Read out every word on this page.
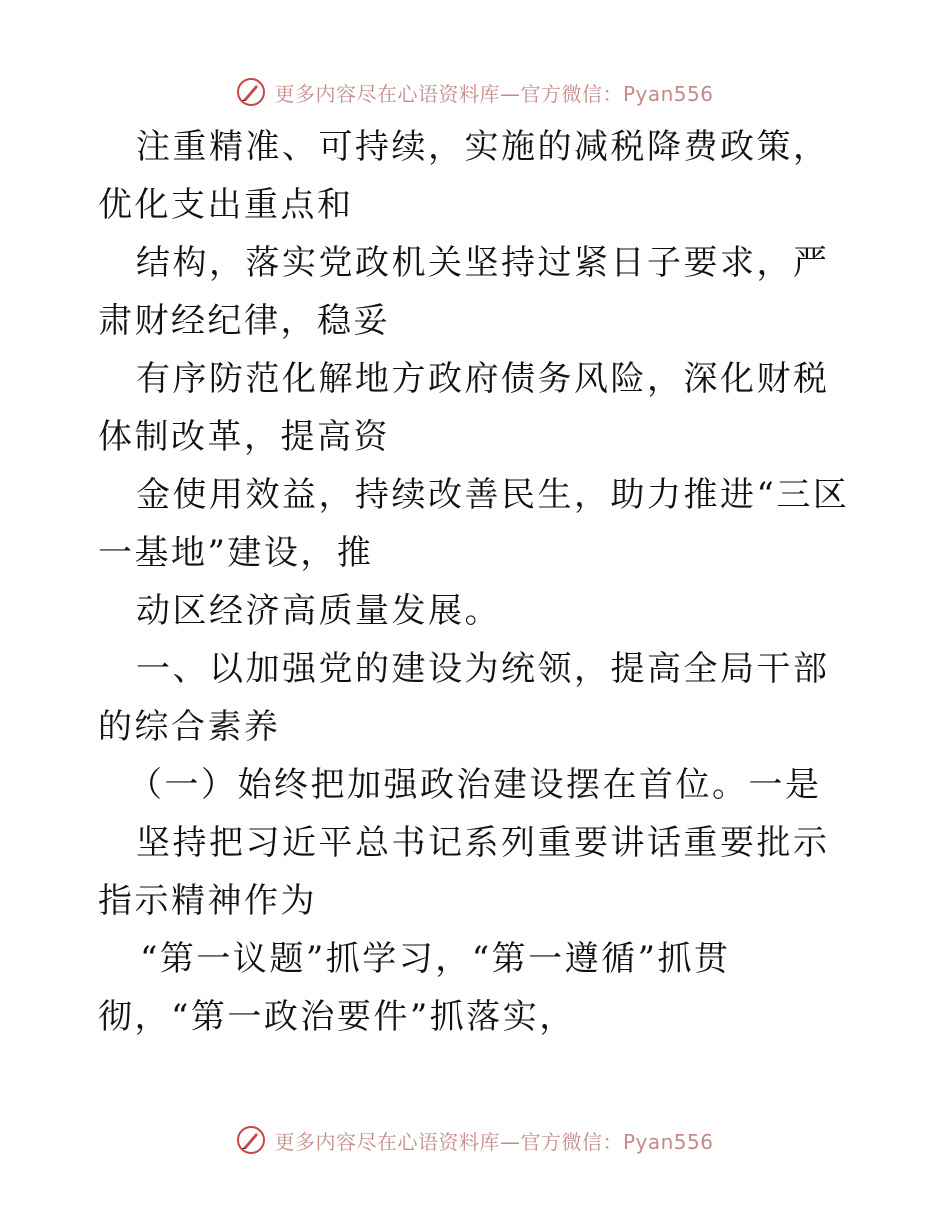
更多内容尽在心语资料库—官方微信：Pyan556

注重精准、可持续，实施的减税降费政策，优化支出重点和

结构，落实党政机关坚持过紧日子要求，严肃财经纪律，稳妥

有序防范化解地方政府债务风险，深化财税体制改革，提高资

金使用效益，持续改善民生，助力推进“三区一基地”建设，推

动区经济高质量发展。

一、以加强党的建设为统领，提高全局干部的综合素养

（一）始终把加强政治建设摆在首位。一是

坚持把习近平总书记系列重要讲话重要批示指示精神作为

“第一议题”抓学习，“第一遵循”抓贯彻，“第一政治要件”抓落实，

更多内容尽在心语资料库—官方微信：Pyan556
